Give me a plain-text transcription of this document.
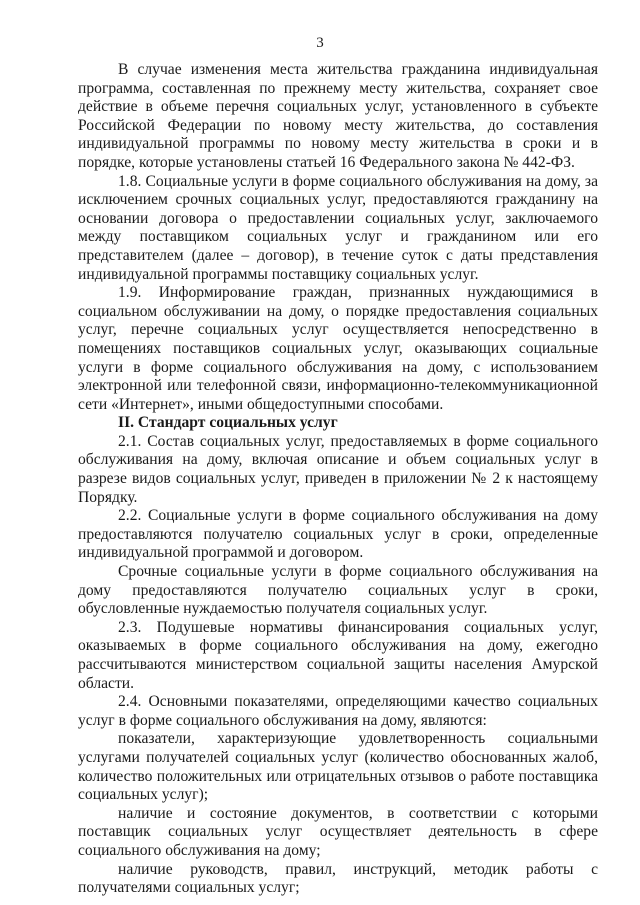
3

В случае изменения места жительства гражданина индивидуальная программа, составленная по прежнему месту жительства, сохраняет свое действие в объеме перечня социальных услуг, установленного в субъекте Российской Федерации по новому месту жительства, до составления индивидуальной программы по новому месту жительства в сроки и в порядке, которые установлены статьей 16 Федерального закона № 442-ФЗ.

1.8. Социальные услуги в форме социального обслуживания на дому, за исключением срочных социальных услуг, предоставляются гражданину на основании договора о предоставлении социальных услуг, заключаемого между поставщиком социальных услуг и гражданином или его представителем (далее – договор), в течение суток с даты представления индивидуальной программы поставщику социальных услуг.

1.9. Информирование граждан, признанных нуждающимися в социальном обслуживании на дому, о порядке предоставления социальных услуг, перечне социальных услуг осуществляется непосредственно в помещениях поставщиков социальных услуг, оказывающих социальные услуги в форме социального обслуживания на дому, с использованием электронной или телефонной связи, информационно-телекоммуникационной сети «Интернет», иными общедоступными способами.

II. Стандарт социальных услуг

2.1. Состав социальных услуг, предоставляемых в форме социального обслуживания на дому, включая описание и объем социальных услуг в разрезе видов социальных услуг, приведен в приложении № 2 к настоящему Порядку.

2.2. Социальные услуги в форме социального обслуживания на дому предоставляются получателю социальных услуг в сроки, определенные индивидуальной программой и договором.

Срочные социальные услуги в форме социального обслуживания на дому предоставляются получателю социальных услуг в сроки, обусловленные нуждаемостью получателя социальных услуг.

2.3. Подушевые нормативы финансирования социальных услуг, оказываемых в форме социального обслуживания на дому, ежегодно рассчитываются министерством социальной защиты населения Амурской области.

2.4. Основными показателями, определяющими качество социальных услуг в форме социального обслуживания на дому, являются:

показатели, характеризующие удовлетворенность социальными услугами получателей социальных услуг (количество обоснованных жалоб, количество положительных или отрицательных отзывов о работе поставщика социальных услуг);

наличие и состояние документов, в соответствии с которыми поставщик социальных услуг осуществляет деятельность в сфере социального обслуживания на дому;

наличие руководств, правил, инструкций, методик работы с получателями социальных услуг;
